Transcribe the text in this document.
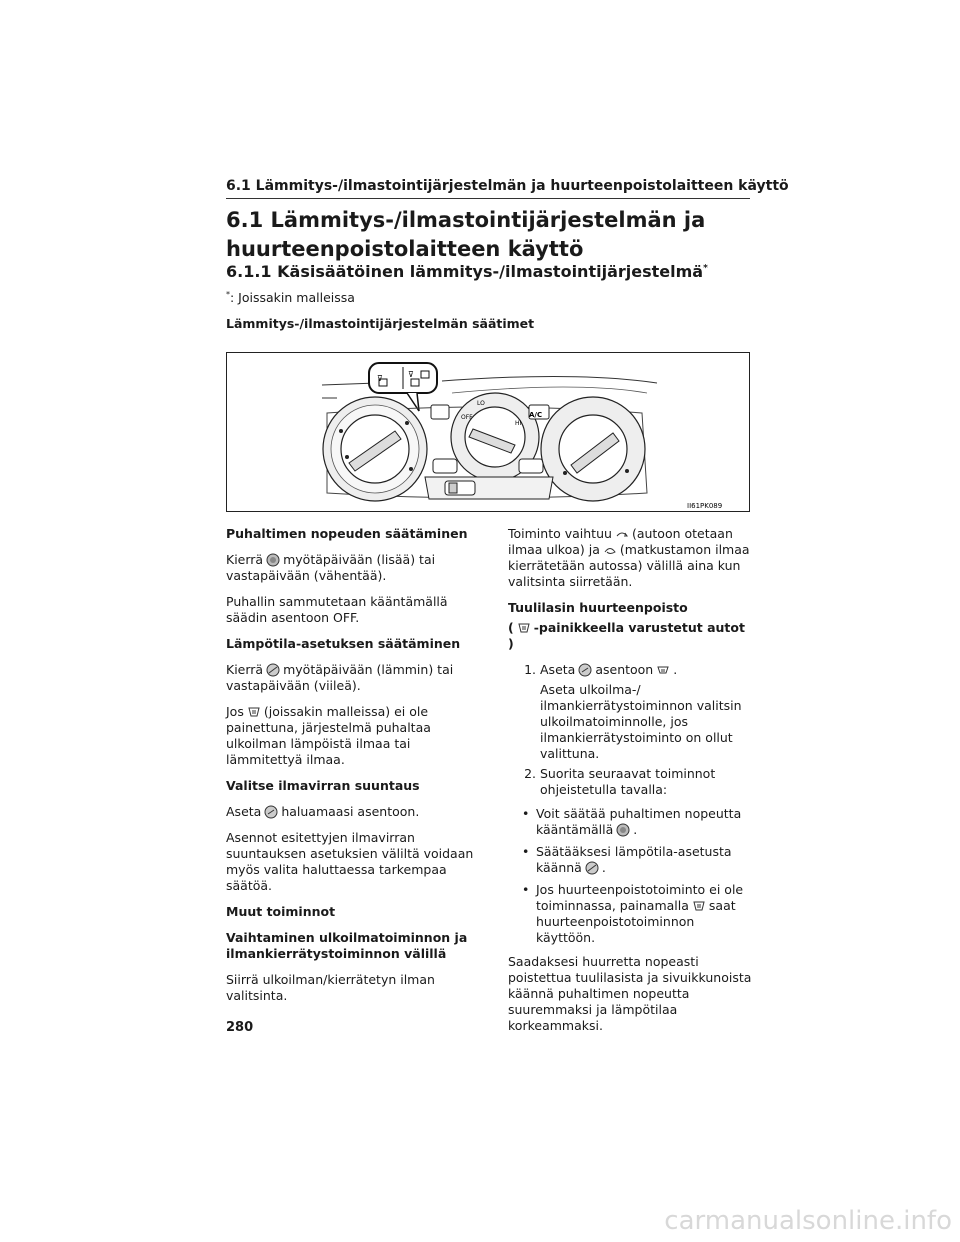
6.1 Lämmitys-/ilmastointijärjestelmän ja huurteenpoistolaitteen käyttö
6.1 Lämmitys-/ilmastointijärjestelmän ja huurteenpoistolaitteen käyttö
6.1.1 Käsisäätöinen lämmitys-/ilmastointijärjestelmä*
*: Joissakin malleissa
Lämmitys-/ilmastointijärjestelmän säätimet
⊽	⊽
OFF
LO
HI
A/C
II61PK089

Puhaltimen nopeuden säätäminen

Kierrä myötäpäivään (lisää) tai vastapäivään (vähentää).

Puhallin sammutetaan kääntämällä säädin asentoon OFF.

Lämpötila-asetuksen säätäminen

Kierrä myötäpäivään (lämmin) tai vastapäivään (viileä).

Jos (joissakin malleissa) ei ole painettuna, järjestelmä puhaltaa ulkoilman lämpöistä ilmaa tai lämmitettyä ilmaa.

Valitse ilmavirran suuntaus

Aseta haluamaasi asentoon.

Asennot esitettyjen ilmavirran suuntauksen asetuksien väliltä voidaan myös valita haluttaessa tarkempaa säätöä.

Muut toiminnot

Vaihtaminen ulkoilmatoiminnon ja ilmankierrätystoiminnon välillä

Siirrä ulkoilman/kierrätetyn ilman valitsinta.

Toiminto vaihtuu (autoon otetaan ilmaa ulkoa) ja (matkustamon ilmaa kierrätetään autossa) välillä aina kun valitsinta siirretään.

Tuulilasin huurteenpoisto

( -painikkeella varustetut autot )

1. Aseta asentoon .
Aseta ulkoilma-/ ilmankierrätystoiminnon valitsin ulkoilmatoiminnolle, jos ilmankierrätystoiminto on ollut valittuna.
2. Suorita seuraavat toiminnot ohjeistetulla tavalla:
• Voit säätää puhaltimen nopeutta kääntämällä .
• Säätääksesi lämpötila-asetusta käännä .
• Jos huurteenpoistotoiminto ei ole toiminnassa, painamalla saat huurteenpoistotoiminnon käyttöön.

Saadaksesi huurretta nopeasti poistettua tuulilasista ja sivuikkunoista käännä puhaltimen nopeutta suuremmaksi ja lämpötilaa korkeammaksi.

280
carmanualsonline.info
